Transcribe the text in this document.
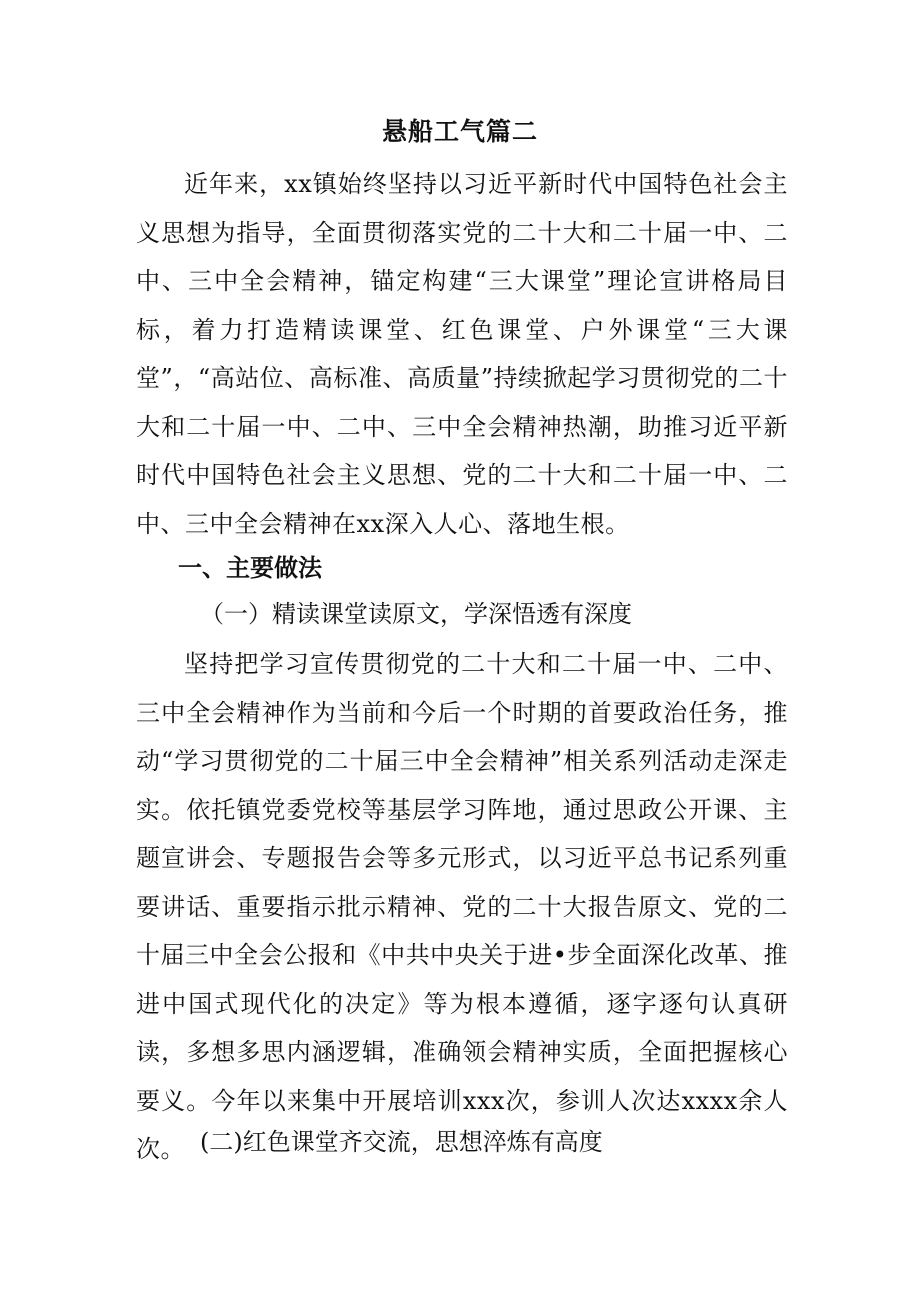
悬船工气篇二

近年来，xx镇始终坚持以习近平新时代中国特色社会主义思想为指导，全面贯彻落实党的二十大和二十届一中、二中、三中全会精神，锚定构建“三大课堂”理论宣讲格局目标，着力打造精读课堂、红色课堂、户外课堂“三大课堂”，“高站位、高标准、高质量”持续掀起学习贯彻党的二十大和二十届一中、二中、三中全会精神热潮，助推习近平新时代中国特色社会主义思想、党的二十大和二十届一中、二中、三中全会精神在xx深入人心、落地生根。

一、主要做法

（一）精读课堂读原文，学深悟透有深度

坚持把学习宣传贯彻党的二十大和二十届一中、二中、三中全会精神作为当前和今后一个时期的首要政治任务，推动“学习贯彻党的二十届三中全会精神”相关系列活动走深走实。依托镇党委党校等基层学习阵地，通过思政公开课、主题宣讲会、专题报告会等多元形式，以习近平总书记系列重要讲话、重要指示批示精神、党的二十大报告原文、党的二十届三中全会公报和《中共中央关于进•步全面深化改革、推进中国式现代化的决定》等为根本遵循，逐字逐句认真研读，多想多思内涵逻辑，准确领会精神实质，全面把握核心要义。今年以来集中开展培训xxx次，参训人次达xxxx余人次。 (二)红色课堂齐交流，思想淬炼有高度
